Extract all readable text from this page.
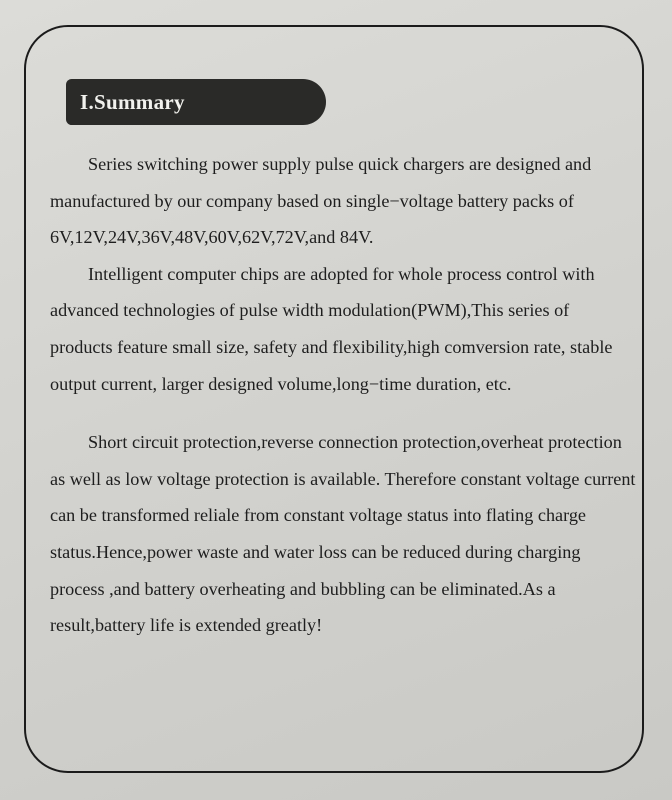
I.Summary

Series switching power supply pulse quick chargers are designed and manufactured by our company based on single−voltage battery packs of 6V,12V,24V,36V,48V,60V,62V,72V,and 84V.

Intelligent computer chips are adopted for whole process control with advanced technologies of pulse width modulation(PWM),This series of products feature small size, safety and flexibility,high comversion rate, stable output current, larger designed volume,long−time duration, etc.

Short circuit protection,reverse connection protection,overheat protection as well as low voltage protection is available. Therefore constant voltage current can be transformed reliale from constant voltage status into flating charge status.Hence,power waste and water loss can be reduced during charging process ,and battery overheating and bubbling can be eliminated.As a result,battery life is extended greatly!
